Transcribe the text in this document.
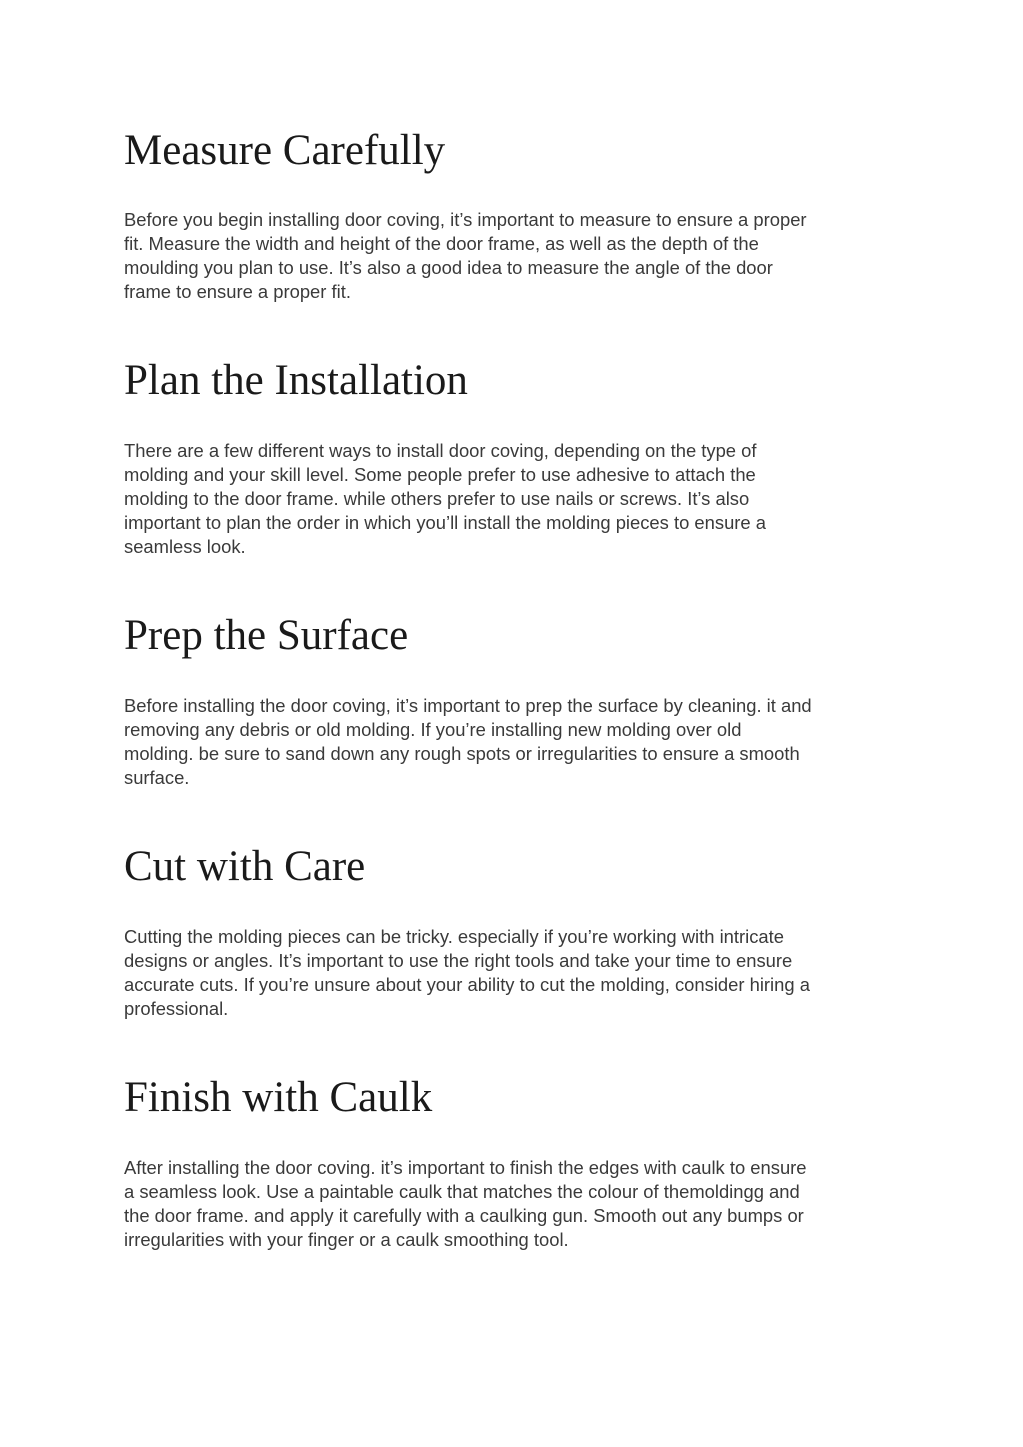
Measure Carefully

Before you begin installing door coving, it’s important to measure to ensure a proper
fit. Measure the width and height of the door frame, as well as the depth of the
moulding you plan to use. It’s also a good idea to measure the angle of the door
frame to ensure a proper fit.

Plan the Installation

There are a few different ways to install door coving, depending on the type of
molding and your skill level. Some people prefer to use adhesive to attach the
molding to the door frame. while others prefer to use nails or screws. It’s also
important to plan the order in which you’ll install the molding pieces to ensure a
seamless look.

Prep the Surface

Before installing the door coving, it’s important to prep the surface by cleaning. it and
removing any debris or old molding. If you’re installing new molding over old
molding. be sure to sand down any rough spots or irregularities to ensure a smooth
surface.

Cut with Care

Cutting the molding pieces can be tricky. especially if you’re working with intricate
designs or angles. It’s important to use the right tools and take your time to ensure
accurate cuts. If you’re unsure about your ability to cut the molding, consider hiring a
professional.

Finish with Caulk

After installing the door coving. it’s important to finish the edges with caulk to ensure
a seamless look. Use a paintable caulk that matches the colour of themoldingg and
the door frame. and apply it carefully with a caulking gun. Smooth out any bumps or
irregularities with your finger or a caulk smoothing tool.
